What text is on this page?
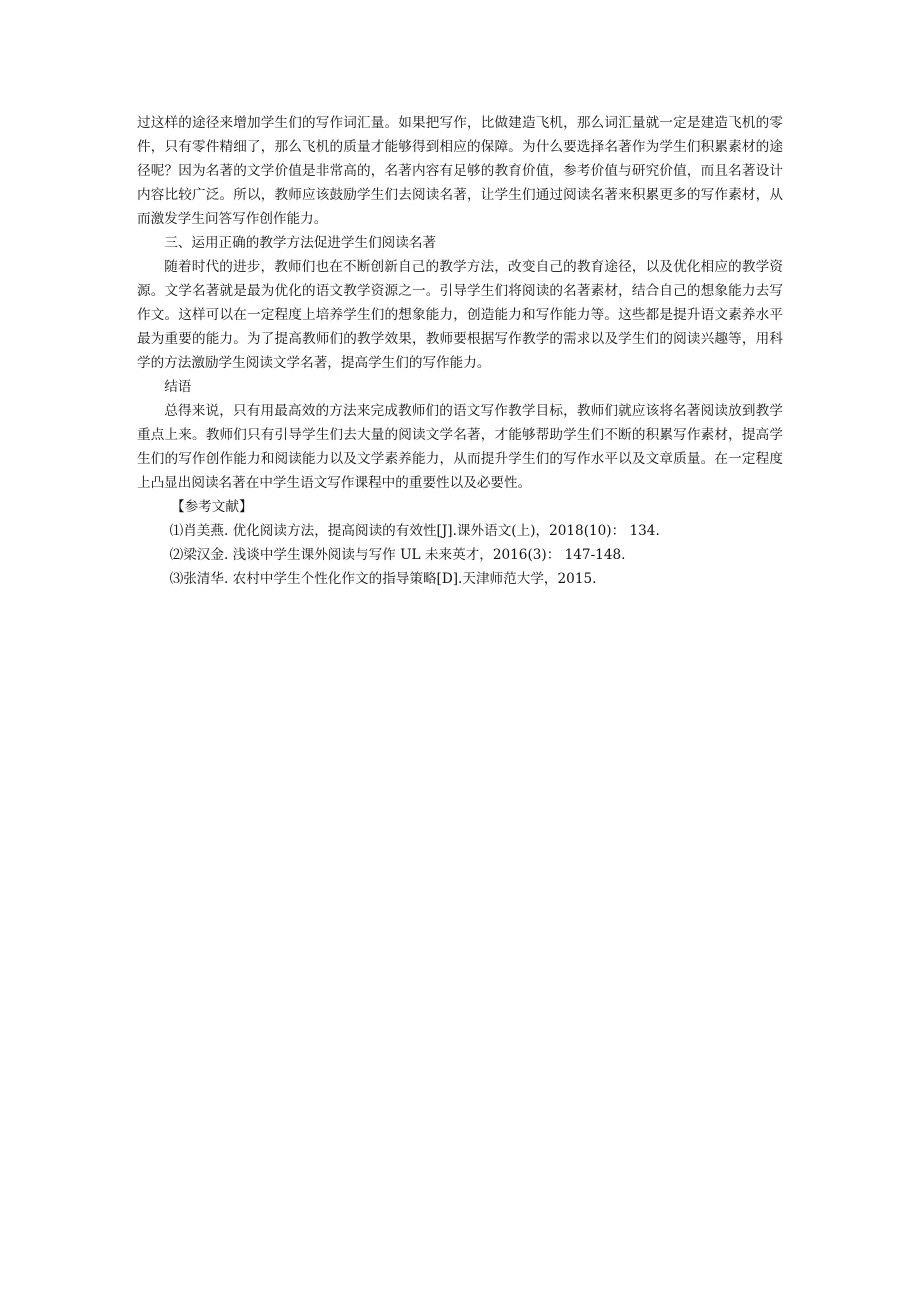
过这样的途径来增加学生们的写作词汇量。如果把写作，比做建造飞机，那么词汇量就一定是建造飞机的零件，只有零件精细了，那么飞机的质量才能够得到相应的保障。为什么要选择名著作为学生们积累素材的途径呢？因为名著的文学价值是非常高的，名著内容有足够的教育价值，参考价值与研究价值，而且名著设计内容比较广泛。所以，教师应该鼓励学生们去阅读名著，让学生们通过阅读名著来积累更多的写作素材，从而激发学生问答写作创作能力。

三、运用正确的教学方法促进学生们阅读名著

随着时代的进步，教师们也在不断创新自己的教学方法，改变自己的教育途径，以及优化相应的教学资源。文学名著就是最为优化的语文教学资源之一。引导学生们将阅读的名著素材，结合自己的想象能力去写作文。这样可以在一定程度上培养学生们的想象能力，创造能力和写作能力等。这些都是提升语文素养水平最为重要的能力。为了提高教师们的教学效果，教师要根据写作教学的需求以及学生们的阅读兴趣等，用科学的方法激励学生阅读文学名著，提高学生们的写作能力。

结语

总得来说，只有用最高效的方法来完成教师们的语文写作教学目标，教师们就应该将名著阅读放到教学重点上来。教师们只有引导学生们去大量的阅读文学名著，才能够帮助学生们不断的积累写作素材，提高学生们的写作创作能力和阅读能力以及文学素养能力，从而提升学生们的写作水平以及文章质量。在一定程度上凸显出阅读名著在中学生语文写作课程中的重要性以及必要性。

【参考文献】

⑴肖美燕. 优化阅读方法，提高阅读的有效性[J].课外语文(上)，2018(10)： 134.

⑵梁汉金. 浅谈中学生课外阅读与写作 UL 未来英才，2016(3)： 147-148.

⑶张清华. 农村中学生个性化作文的指导策略[D].天津师范大学，2015.
